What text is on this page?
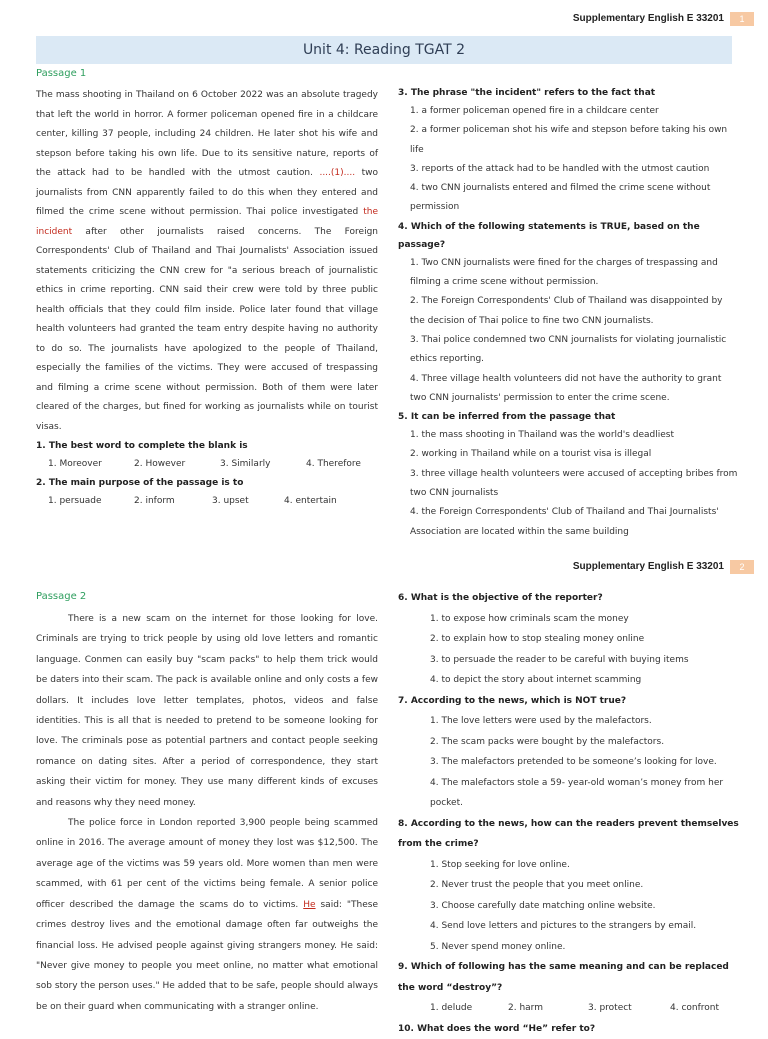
Supplementary English E 33201	1
Unit 4: Reading TGAT 2
Passage 1

The mass shooting in Thailand on 6 October 2022 was an absolute tragedy that left the world in horror. A former policeman opened fire in a childcare center, killing 37 people, including 24 children. He later shot his wife and stepson before taking his own life. Due to its sensitive nature, reports of the attack had to be handled with the utmost caution. ....(1).... two journalists from CNN apparently failed to do this when they entered and filmed the crime scene without permission. Thai police investigated the incident after other journalists raised concerns. The Foreign Correspondents' Club of Thailand and Thai Journalists' Association issued statements criticizing the CNN crew for "a serious breach of journalistic ethics in crime reporting. CNN said their crew were told by three public health officials that they could film inside. Police later found that village health volunteers had granted the team entry despite having no authority to do so. The journalists have apologized to the people of Thailand, especially the families of the victims. They were accused of trespassing and filming a crime scene without permission. Both of them were later cleared of the charges, but fined for working as journalists while on tourist visas.

1. The best word to complete the blank is

1. Moreover	2. However	3. Similarly	4. Therefore

2. The main purpose of the passage is to

1. persuade	2. inform	3. upset	4. entertain

3. The phrase "the incident" refers to the fact that

1. a former policeman opened fire in a childcare center

2. a former policeman shot his wife and stepson before taking his own life

3. reports of the attack had to be handled with the utmost caution

4. two CNN journalists entered and filmed the crime scene without permission

4. Which of the following statements is TRUE, based on the passage?

1. Two CNN journalists were fined for the charges of trespassing and filming a crime scene without permission.

2. The Foreign Correspondents' Club of Thailand was disappointed by the decision of Thai police to fine two CNN journalists.

3. Thai police condemned two CNN journalists for violating journalistic ethics reporting.

4. Three village health volunteers did not have the authority to grant two CNN journalists' permission to enter the crime scene.

5. It can be inferred from the passage that

1. the mass shooting in Thailand was the world's deadliest

2. working in Thailand while on a tourist visa is illegal

3. three village health volunteers were accused of accepting bribes from two CNN journalists

4. the Foreign Correspondents' Club of Thailand and Thai Journalists' Association are located within the same building

Supplementary English E 33201	2
Passage 2

There is a new scam on the internet for those looking for love. Criminals are trying to trick people by using old love letters and romantic language. Conmen can easily buy "scam packs" to help them trick would be daters into their scam. The pack is available online and only costs a few dollars. It includes love letter templates, photos, videos and false identities. This is all that is needed to pretend to be someone looking for love. The criminals pose as potential partners and contact people seeking romance on dating sites. After a period of correspondence, they start asking their victim for money. They use many different kinds of excuses and reasons why they need money.

The police force in London reported 3,900 people being scammed online in 2016. The average amount of money they lost was $12,500. The average age of the victims was 59 years old. More women than men were scammed, with 61 per cent of the victims being female. A senior police officer described the damage the scams do to victims. He said: "These crimes destroy lives and the emotional damage often far outweighs the financial loss. He advised people against giving strangers money. He said: "Never give money to people you meet online, no matter what emotional sob story the person uses." He added that to be safe, people should always be on their guard when communicating with a stranger online.

6. What is the objective of the reporter?

1. to expose how criminals scam the money

2. to explain how to stop stealing money online

3. to persuade the reader to be careful with buying items

4. to depict the story about internet scamming

7. According to the news, which is NOT true?

1. The love letters were used by the malefactors.

2. The scam packs were bought by the malefactors.

3. The malefactors pretended to be someone’s looking for love.

4. The malefactors stole a 59- year-old woman’s money from her pocket.

8. According to the news, how can the readers prevent themselves from the crime?

1. Stop seeking for love online.

2. Never trust the people that you meet online.

3. Choose carefully date matching online website.

4. Send love letters and pictures to the strangers by email.

5. Never spend money online.

9. Which of following has the same meaning and can be replaced the word “destroy”?

1. delude	2. harm	3. protect	4. confront

10. What does the word “He” refer to?
